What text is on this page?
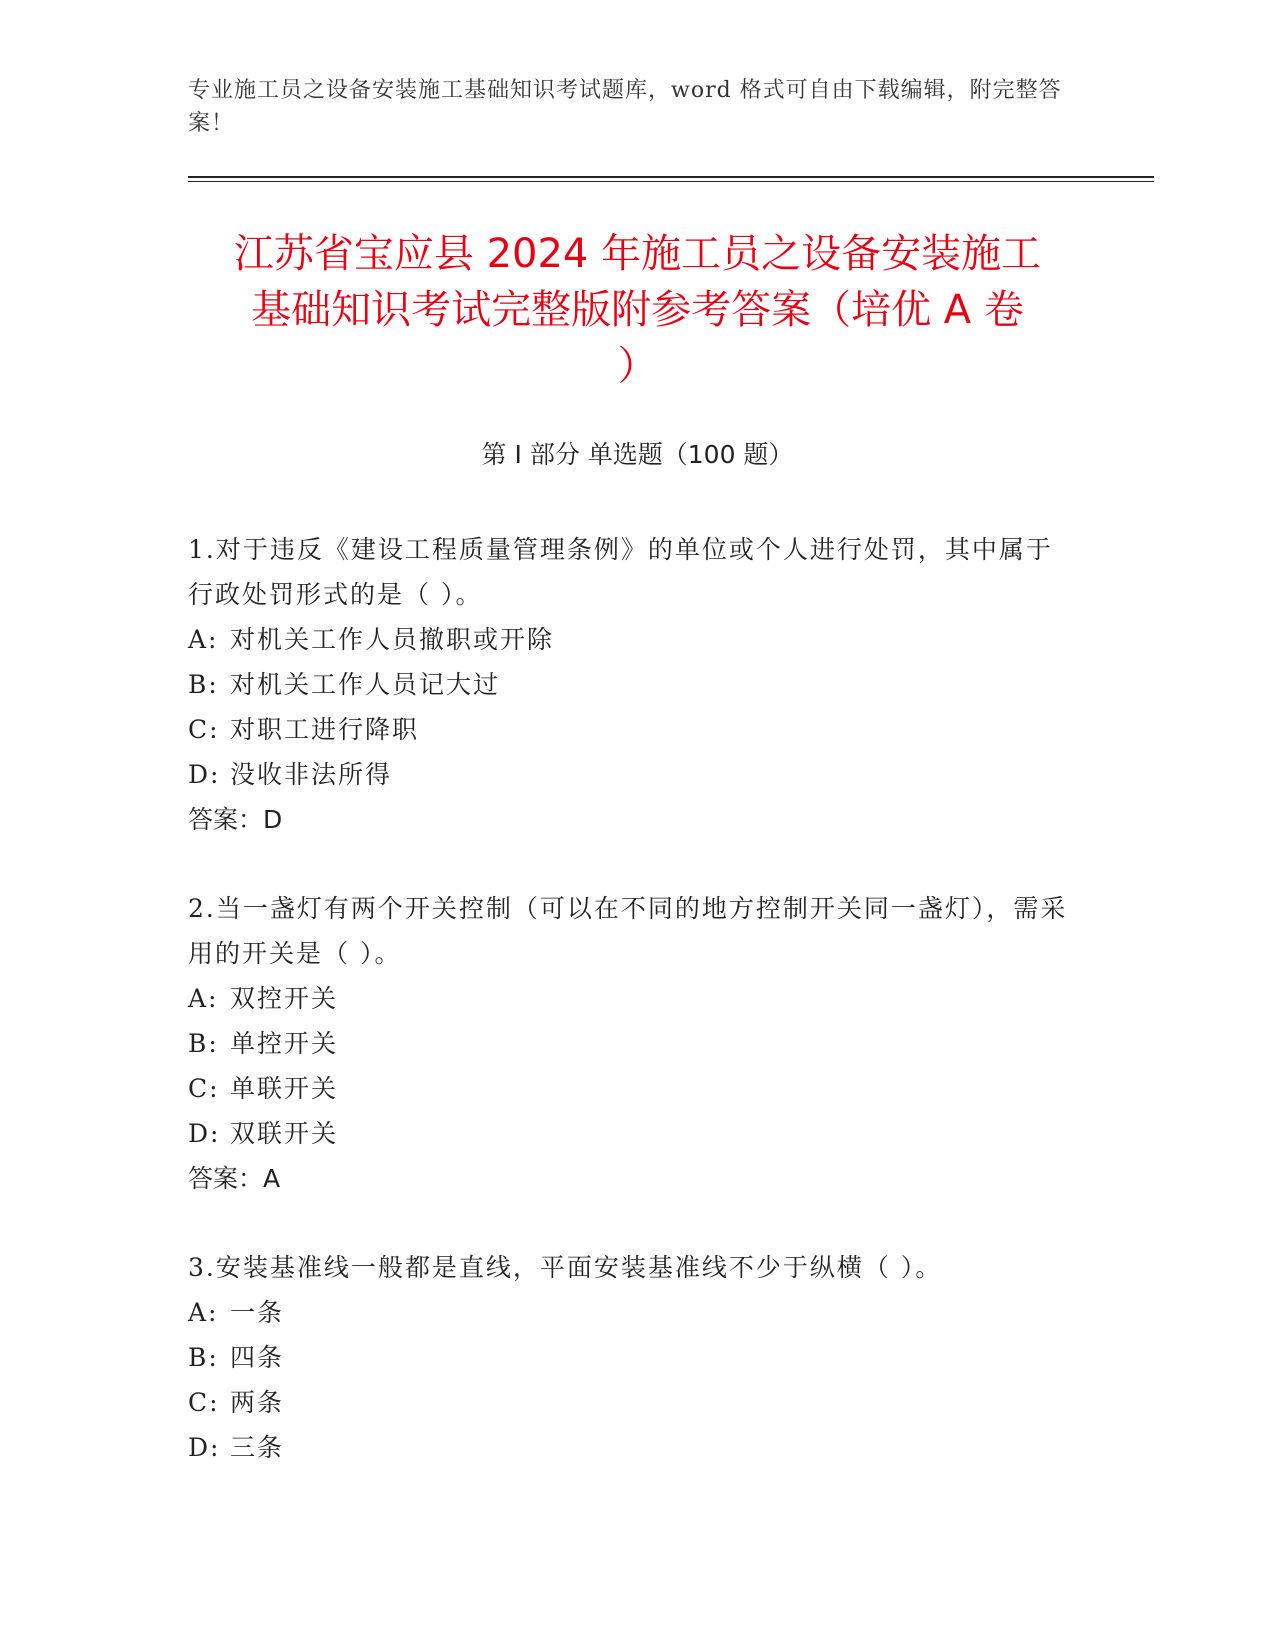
专业施工员之设备安装施工基础知识考试题库，word 格式可自由下载编辑，附完整答案！
江苏省宝应县 2024 年施工员之设备安装施工
基础知识考试完整版附参考答案（培优 A 卷
）
第 I 部分 单选题（100 题）
1.对于违反《建设工程质量管理条例》的单位或个人进行处罚，其中属于行政处罚形式的是（ ）。
A: 对机关工作人员撤职或开除
B: 对机关工作人员记大过
C: 对职工进行降职
D: 没收非法所得
答案：D
2.当一盏灯有两个开关控制（可以在不同的地方控制开关同一盏灯），需采用的开关是（ ）。
A: 双控开关
B: 单控开关
C: 单联开关
D: 双联开关
答案：A
3.安装基准线一般都是直线，平面安装基准线不少于纵横（ ）。
A: 一条
B: 四条
C: 两条
D: 三条
